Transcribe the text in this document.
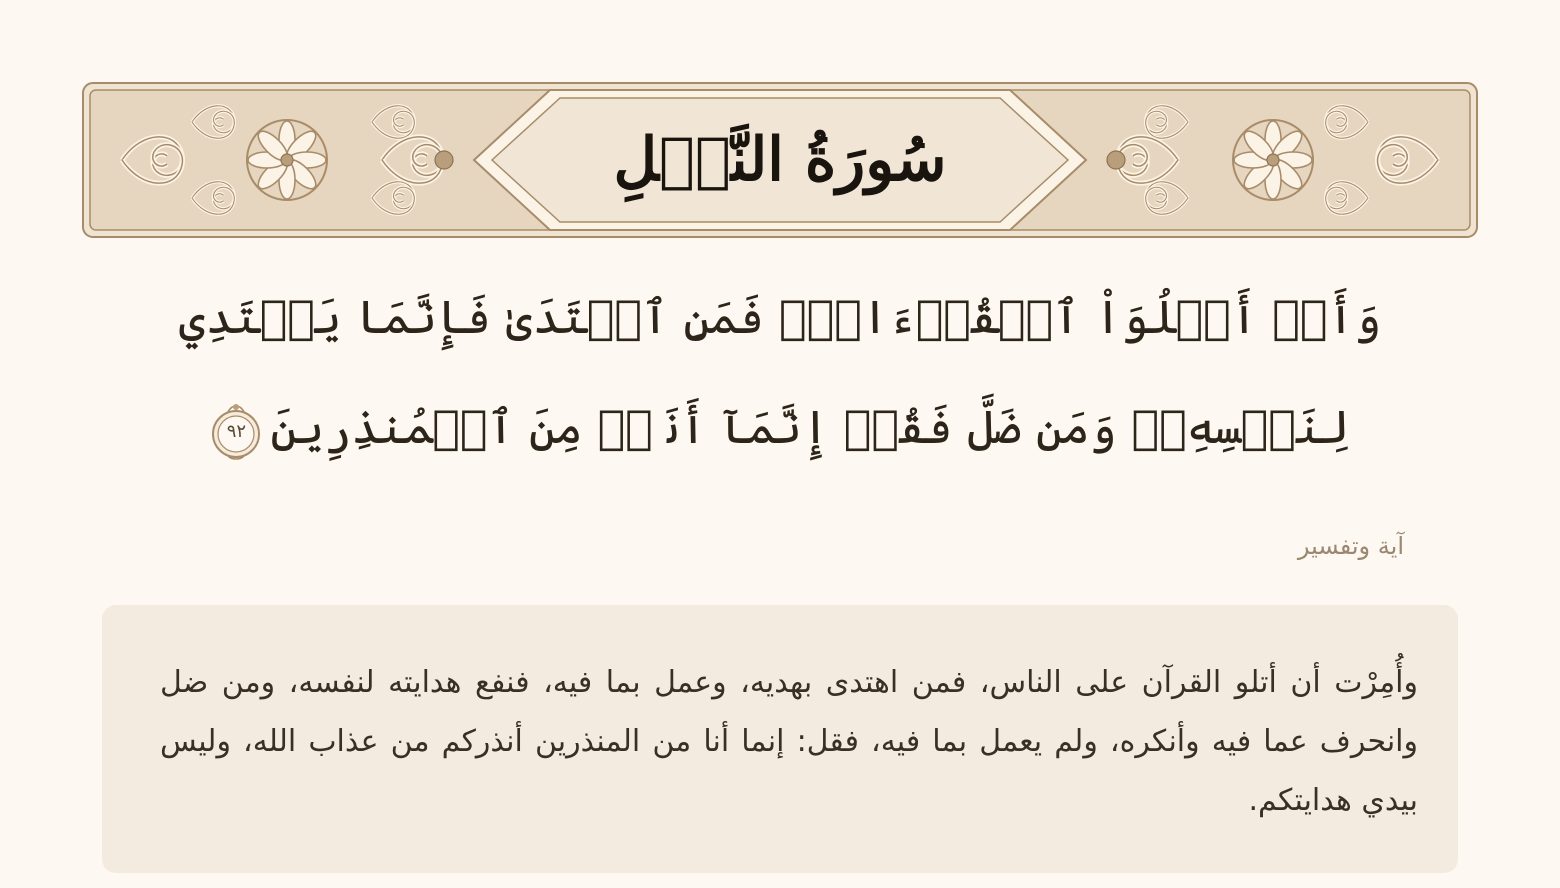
سُورَةُ النَّمۡلِ
وَأَنۡ أَتۡلُوَاْ ٱلۡقُرۡءَانَۖ فَمَنِ ٱهۡتَدَىٰ فَإِنَّمَا يَهۡتَدِي لِنَفۡسِهِۦۖ وَمَن ضَلَّ فَقُلۡ إِنَّمَآ أَنَا۠ مِنَ ٱلۡمُنذِرِينَ
٩٢
آية وتفسير
وأُمِرْت أن أتلو القرآن على الناس، فمن اهتدى بهديه، وعمل بما فيه، فنفع هدايته لنفسه، ومن ضل وانحرف عما فيه وأنكره، ولم يعمل بما فيه، فقل: إنما أنا من المنذرين أنذركم من عذاب الله، وليس بيدي هدايتكم.
